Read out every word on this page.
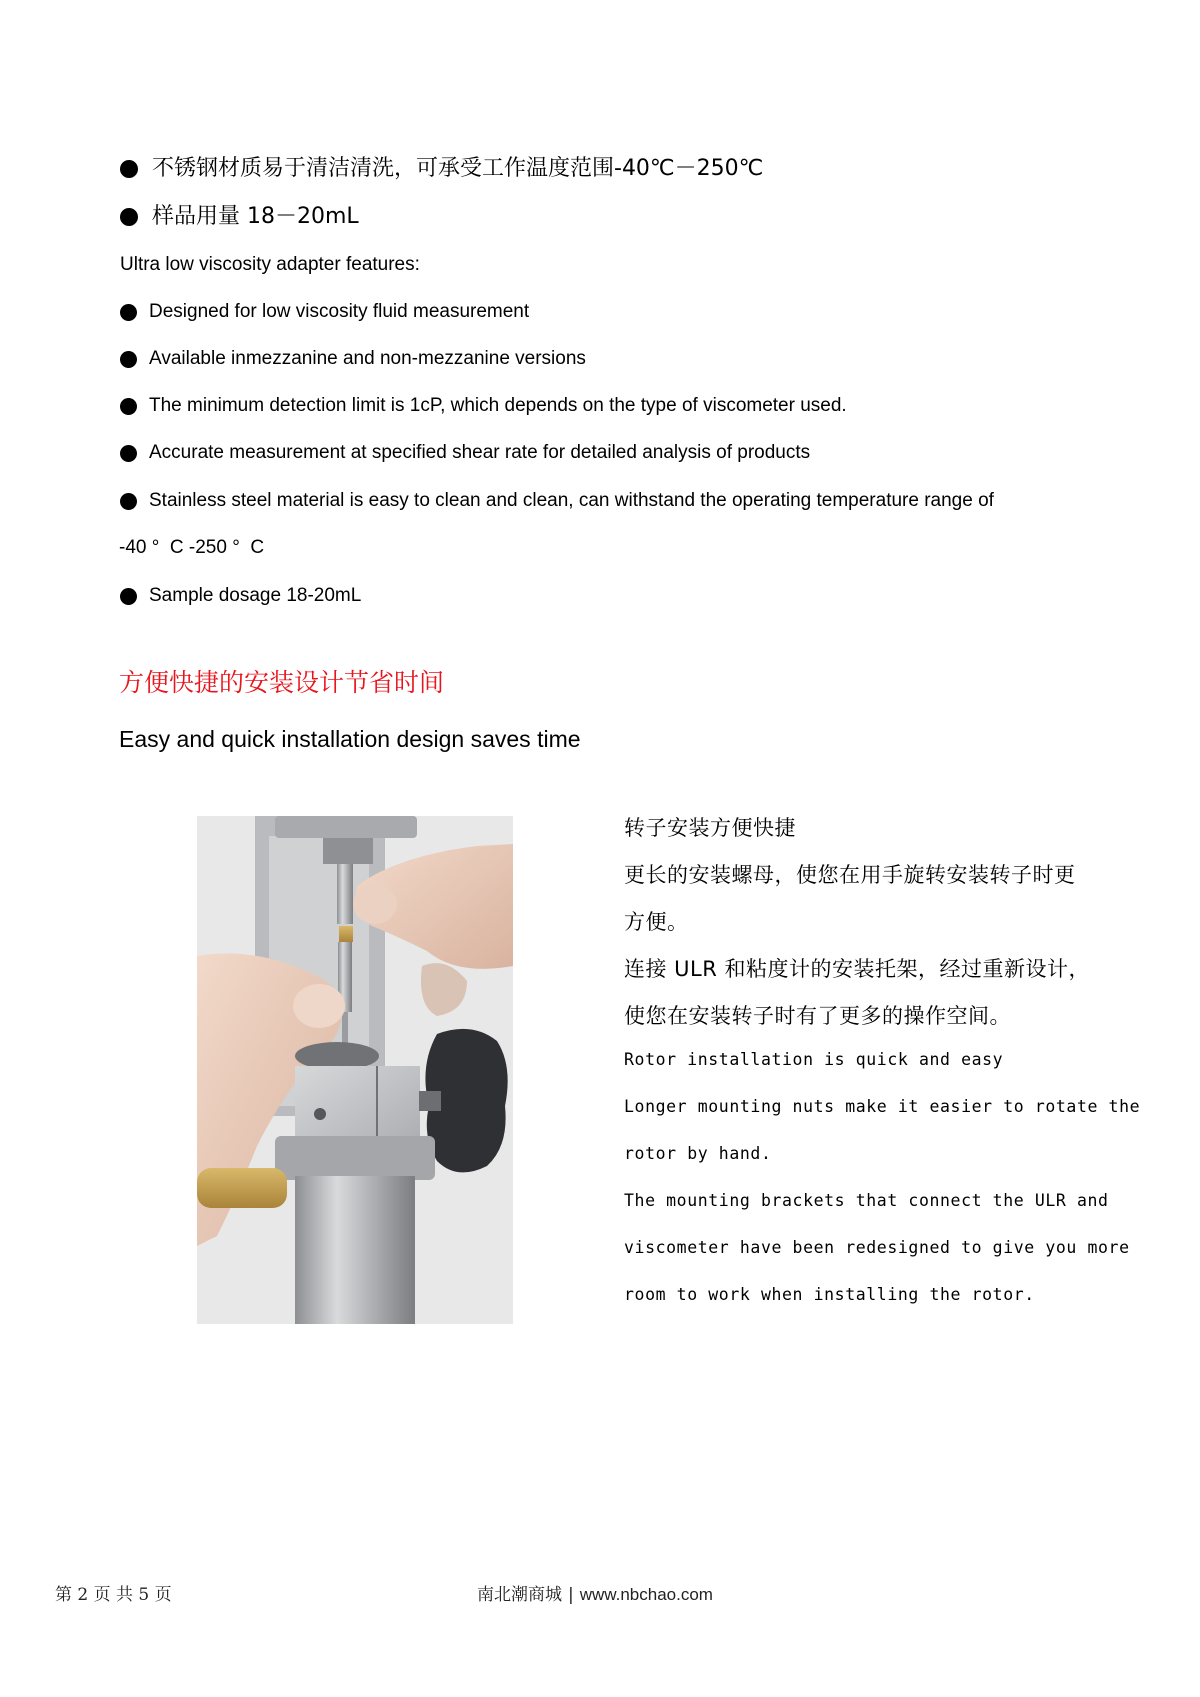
不锈钢材质易于清洁清洗，可承受工作温度范围-40℃－250℃
样品用量 18－20mL
Ultra low viscosity adapter features:
Designed for low viscosity fluid measurement
Available inmezzanine and non-mezzanine versions
The minimum detection limit is 1cP, which depends on the type of viscometer used.
Accurate measurement at specified shear rate for detailed analysis of products
Stainless steel material is easy to clean and clean, can withstand the operating temperature range of
-40 °  C -250 °  C
Sample dosage 18-20mL
方便快捷的安装设计节省时间
Easy and quick installation design saves time
转子安装方便快捷
更长的安装螺母，使您在用手旋转安装转子时更
方便。
连接 ULR 和粘度计的安装托架，经过重新设计，
使您在安装转子时有了更多的操作空间。
Rotor installation is quick and easy
Longer mounting nuts make it easier to rotate the
rotor by hand.
The mounting brackets that connect the ULR and
viscometer have been redesigned to give you more
room to work when installing the rotor.
第 2 页 共 5 页	南北潮商城 | www.nbchao.com
